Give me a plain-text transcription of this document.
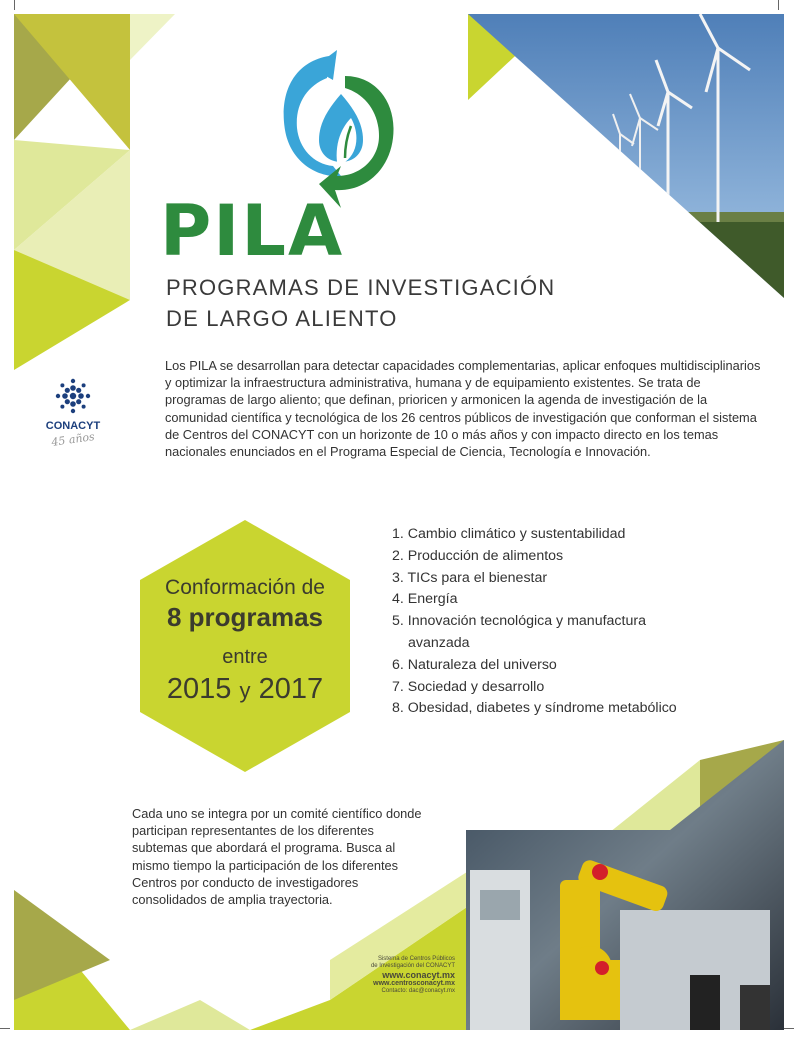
PILA
PROGRAMAS DE INVESTIGACIÓN
DE LARGO ALIENTO
CONACYT
45 años

Los PILA se desarrollan para detectar capacidades complementarias, aplicar enfoques multidisciplinarios y optimizar la infraestructura administrativa, humana y de equipamiento existentes. Se trata de programas de largo aliento; que definan, prioricen y armonicen la agenda de investigación de la comunidad científica y tecnológica de los 26 centros públicos de investigación que conforman el sistema de Centros del CONACYT con un horizonte de 10 o más años y con impacto directo en los temas nacionales enunciados en el Programa Especial de Ciencia, Tecnología e Innovación.

Conformación de
8 programas
entre
2015 y 2017
1. Cambio climático y sustentabilidad
2. Producción de alimentos
3. TICs para el bienestar
4. Energía
5. Innovación tecnológica y manufactura avanzada
6. Naturaleza del universo
7. Sociedad y desarrollo
8. Obesidad, diabetes y síndrome metabólico

Cada uno se integra por un comité científico donde participan representantes de los diferentes subtemas que abordará el programa. Busca al mismo tiempo la participación de los diferentes Centros por conducto de investigadores consolidados de amplia trayectoria.

Sistema de Centros Públicos
de Investigación del CONACYT
www.conacyt.mx
www.centrosconacyt.mx
Contacto: dac@conacyt.mx
